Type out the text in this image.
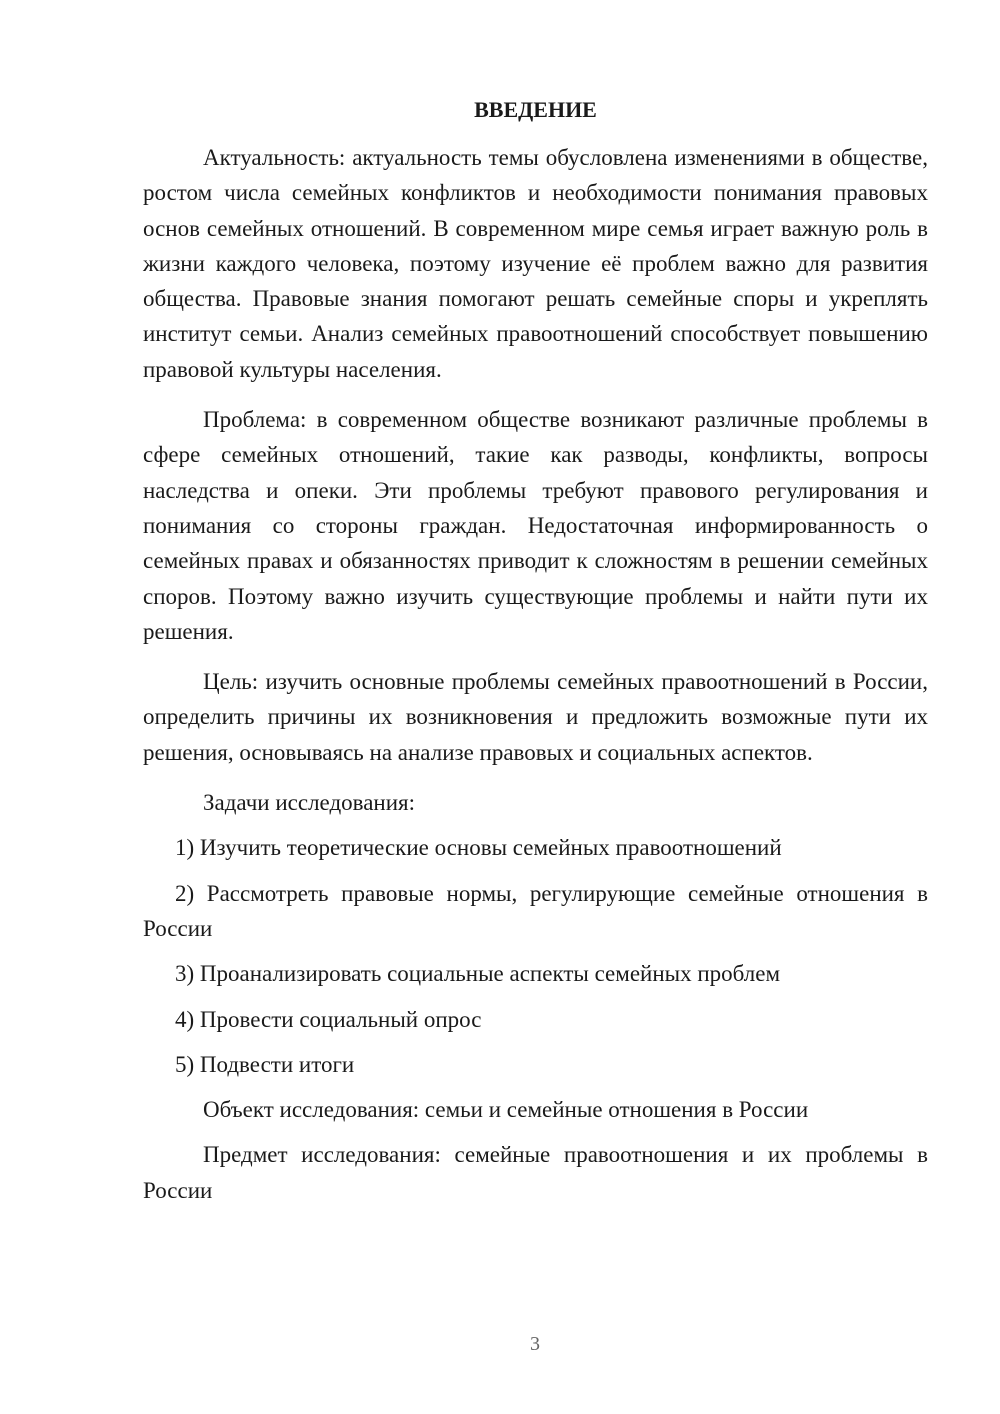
ВВЕДЕНИЕ

Актуальность: актуальность темы обусловлена изменениями в обществе, ростом числа семейных конфликтов и необходимости понимания правовых основ семейных отношений. В современном мире семья играет важную роль в жизни каждого человека, поэтому изучение её проблем важно для развития общества. Правовые знания помогают решать семейные споры и укреплять институт семьи. Анализ семейных правоотношений способствует повышению правовой культуры населения.

Проблема: в современном обществе возникают различные проблемы в сфере семейных отношений, такие как разводы, конфликты, вопросы наследства и опеки. Эти проблемы требуют правового регулирования и понимания со стороны граждан. Недостаточная информированность о семейных правах и обязанностях приводит к сложностям в решении семейных споров. Поэтому важно изучить существующие проблемы и найти пути их решения.

Цель: изучить основные проблемы семейных правоотношений в России, определить причины их возникновения и предложить возможные пути их решения, основываясь на анализе правовых и социальных аспектов.

Задачи исследования:

1) Изучить теоретические основы семейных правоотношений

2) Рассмотреть правовые нормы, регулирующие семейные отношения в России

3) Проанализировать социальные аспекты семейных проблем

4) Провести социальный опрос

5) Подвести итоги

Объект исследования: семьи и семейные отношения в России

Предмет исследования: семейные правоотношения и их проблемы в России

3
